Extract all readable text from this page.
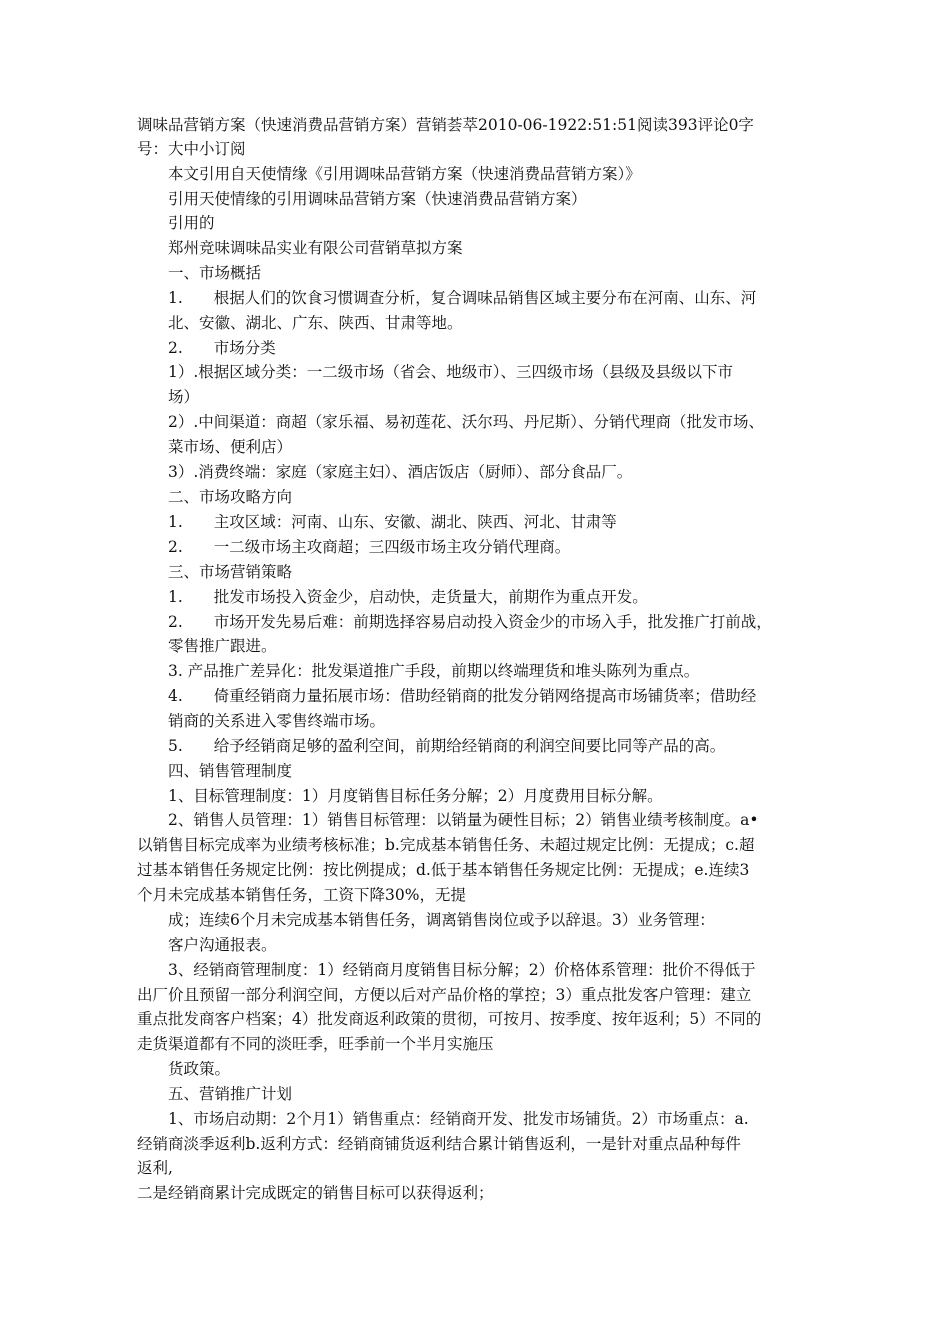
调味品营销方案（快速消费品营销方案）营销荟萃2010-06-1922:51:51阅读393评论0字
号：大中小订阅
本文引用自天使情缘《引用调味品营销方案（快速消费品营销方案）》
引用天使情缘的引用调味品营销方案（快速消费品营销方案）
引用的
郑州竞味调味品实业有限公司营销草拟方案
一、市场概括
1.　　根据人们的饮食习惯调查分析，复合调味品销售区域主要分布在河南、山东、河
北、安徽、湖北、广东、陕西、甘肃等地。
2.　　市场分类
1）.根据区域分类：一二级市场（省会、地级市）、三四级市场（县级及县级以下市
场）
2）.中间渠道：商超（家乐福、易初莲花、沃尔玛、丹尼斯）、分销代理商（批发市场、
菜市场、便利店）
3）.消费终端：家庭（家庭主妇）、酒店饭店（厨师）、部分食品厂。
二、市场攻略方向
1.　　主攻区域：河南、山东、安徽、湖北、陕西、河北、甘肃等
2.　　一二级市场主攻商超；三四级市场主攻分销代理商。
三、市场营销策略
1.　　批发市场投入资金少，启动快，走货量大，前期作为重点开发。
2.　　市场开发先易后难：前期选择容易启动投入资金少的市场入手，批发推广打前战，
零售推广跟进。
3. 产品推广差异化：批发渠道推广手段，前期以终端理货和堆头陈列为重点。
4.　　倚重经销商力量拓展市场：借助经销商的批发分销网络提高市场铺货率；借助经
销商的关系进入零售终端市场。
5.　　给予经销商足够的盈利空间，前期给经销商的利润空间要比同等产品的高。
四、销售管理制度
1、目标管理制度：1）月度销售目标任务分解；2）月度费用目标分解。
2、销售人员管理：1）销售目标管理：以销量为硬性目标；2）销售业绩考核制度。a•
以销售目标完成率为业绩考核标准；b.完成基本销售任务、未超过规定比例：无提成；c.超
过基本销售任务规定比例：按比例提成；d.低于基本销售任务规定比例：无提成；e.连续3
个月未完成基本销售任务，工资下降30%，无提
成；连续6个月未完成基本销售任务，调离销售岗位或予以辞退。3）业务管理：
客户沟通报表。
3、经销商管理制度：1）经销商月度销售目标分解；2）价格体系管理：批价不得低于
出厂价且预留一部分利润空间，方便以后对产品价格的掌控；3）重点批发客户管理：建立
重点批发商客户档案；4）批发商返利政策的贯彻，可按月、按季度、按年返利；5）不同的
走货渠道都有不同的淡旺季，旺季前一个半月实施压
货政策。
五、营销推广计划
1、市场启动期：2个月1）销售重点：经销商开发、批发市场铺货。2）市场重点：a.
经销商淡季返利b.返利方式：经销商铺货返利结合累计销售返利，一是针对重点品种每件
返利,
二是经销商累计完成既定的销售目标可以获得返利；
